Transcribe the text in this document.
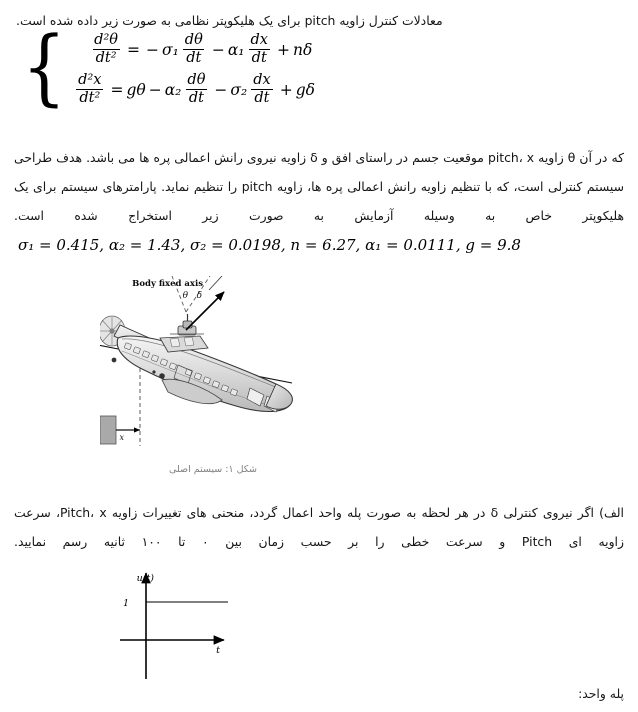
معادلات کنترل زاویه pitch برای یک هلیکوپتر نظامی به صورت زیر داده شده است.
{ $\frac{\text{d²θ}}{\text{dt²}}$ = − $\sigma_1 \frac{d\theta}{dt} - \alpha_1 \frac{dx}{dt} + n\delta$
$\frac{\text{d²x}}{\text{dt²}} = g\theta - \alpha_2 \frac{d\theta}{dt} - \sigma_2 \frac{dx}{dt} + g\delta$
که در آن θ زاویه pitch، x موقعیت جسم در راستای افق و δ زاویه نیروی رانش اعمالی پره ها می باشد. هدف طراحی سیستم کنترلی است، که با تنظیم زاویه رانش اعمالی پره ها، زاویه pitch را تنظیم نماید. پارامترهای سیستم برای یک هلیکوپتر خاص به وسیله آزمایش به صورت زیر استخراج شده است.
σ₁ = 0.415, α₂ = 1.43, σ₂ = 0.0198, n = 6.27, α₁ = 0.0111, g = 9.8
θ δ
Body fixed axis
x
شکل ۱: سیستم اصلی
الف) اگر نیروی کنترلی δ در هر لحظه به صورت پله واحد اعمال گردد، منحنی های تغییرات زاویه Pitch، x، سرعت زاویه ای Pitch و سرعت خطی را بر حسب زمان بین ۰ تا ۱۰۰ ثانیه رسم نمایید.
u(t)
t
1
پله واحد:
